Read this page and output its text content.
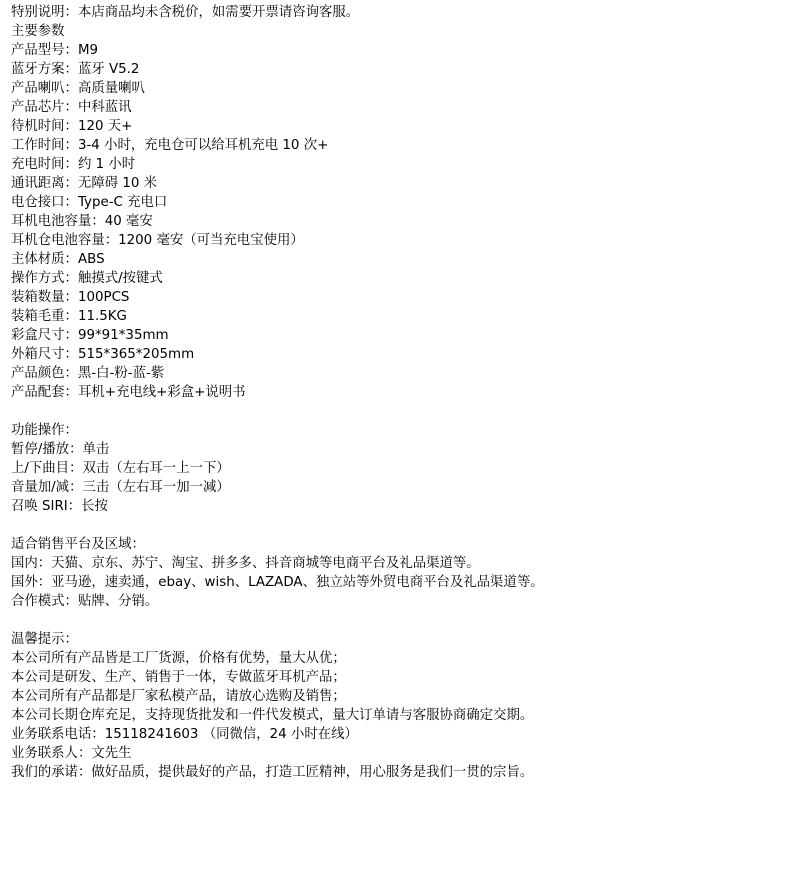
特别说明：本店商品均未含税价，如需要开票请咨询客服。
主要参数
产品型号：M9
蓝牙方案：蓝牙 V5.2
产品喇叭：高质量喇叭
产品芯片：中科蓝讯
待机时间：120 天+
工作时间：3-4 小时，充电仓可以给耳机充电 10 次+
充电时间：约 1 小时
通讯距离：无障碍 10 米
电仓接口：Type-C 充电口
耳机电池容量：40 毫安
耳机仓电池容量：1200 毫安（可当充电宝使用）
主体材质：ABS
操作方式：触摸式/按键式
装箱数量：100PCS
装箱毛重：11.5KG
彩盒尺寸：99*91*35mm
外箱尺寸：515*365*205mm
产品颜色：黑-白-粉-蓝-紫
产品配套：耳机+充电线+彩盒+说明书
功能操作：
暂停/播放：单击
上/下曲目：双击（左右耳一上一下）
音量加/减：三击（左右耳一加一减）
召唤 SIRI：长按
适合销售平台及区域：
国内：天猫、京东、苏宁、淘宝、拼多多、抖音商城等电商平台及礼品渠道等。
国外：亚马逊，速卖通，ebay、wish、LAZADA、独立站等外贸电商平台及礼品渠道等。
合作模式：贴牌、分销。
温馨提示：
本公司所有产品皆是工厂货源，价格有优势，量大从优；
本公司是研发、生产、销售于一体，专做蓝牙耳机产品；
本公司所有产品都是厂家私模产品，请放心选购及销售；
本公司长期仓库充足，支持现货批发和一件代发模式，量大订单请与客服协商确定交期。
业务联系电话：15118241603 （同微信，24 小时在线）
业务联系人：文先生
我们的承诺：做好品质，提供最好的产品，打造工匠精神，用心服务是我们一贯的宗旨。
